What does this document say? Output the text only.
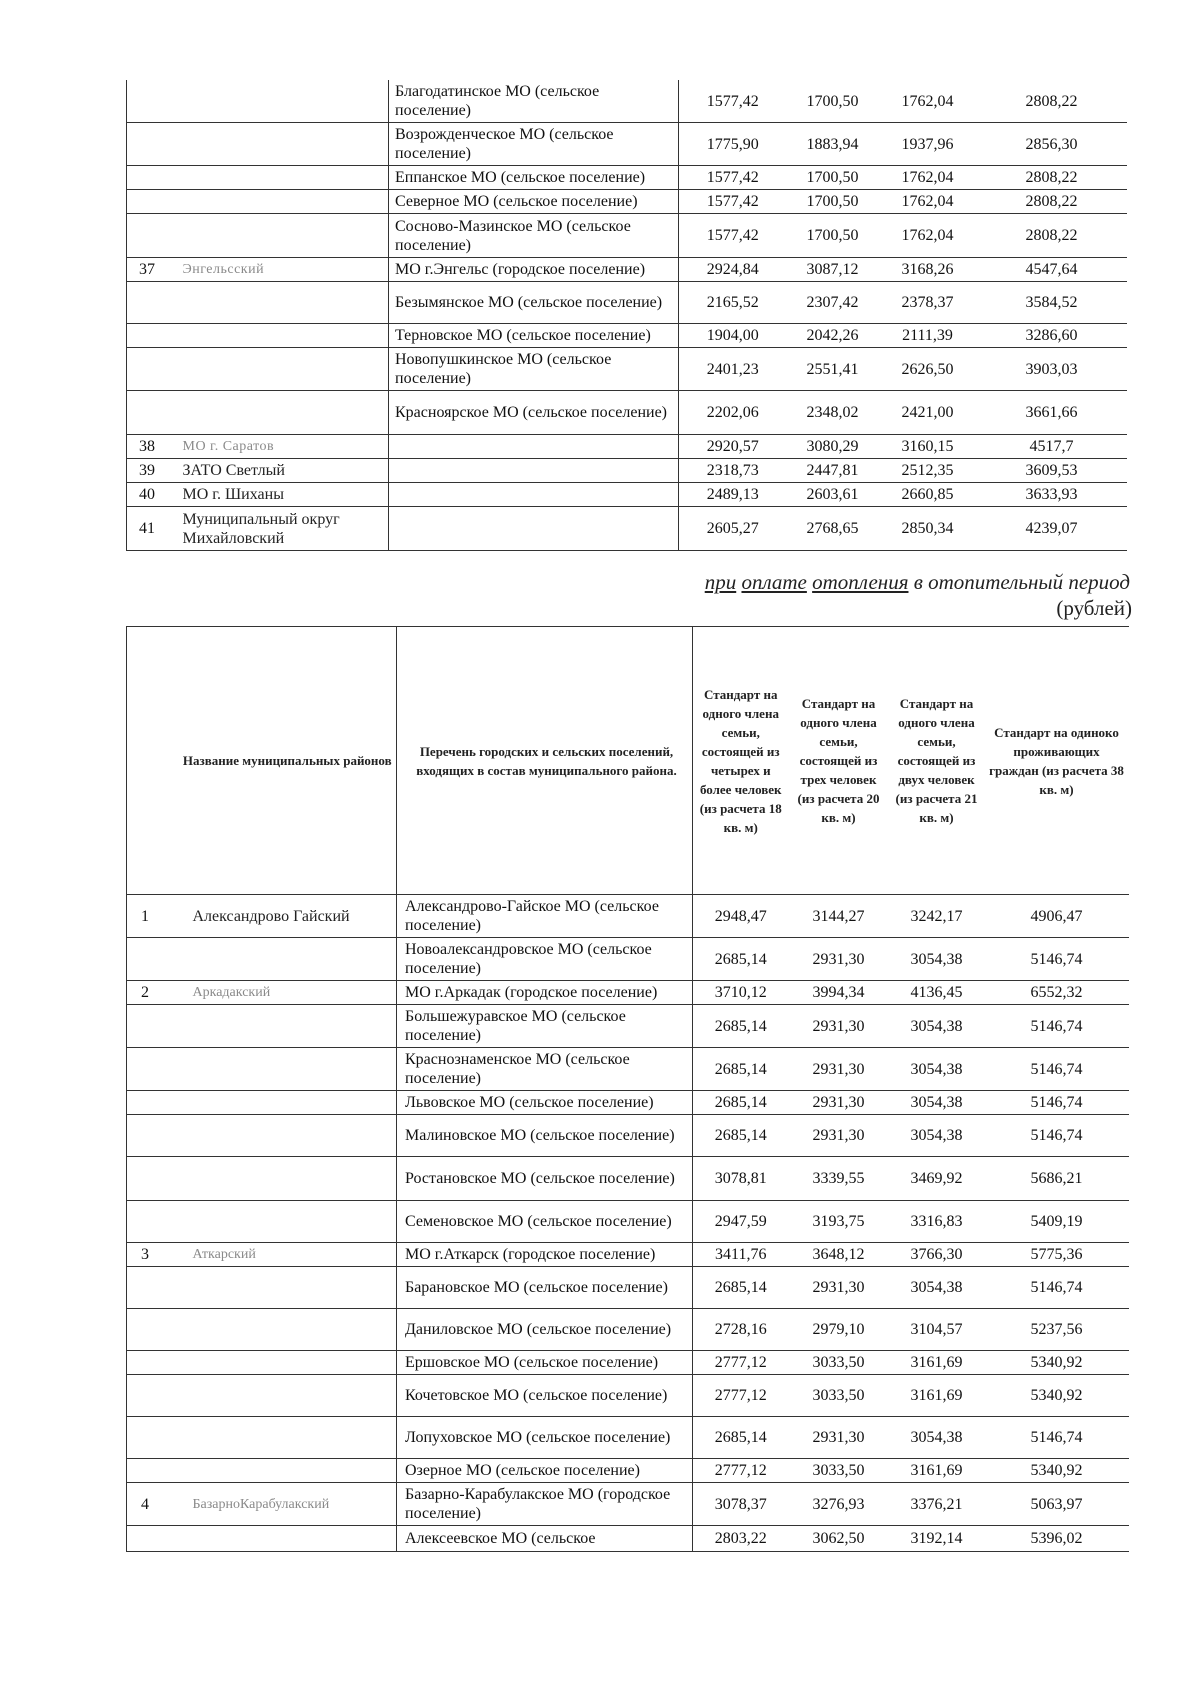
		Благодатинское МО (сельское поселение)	1577,42	1700,50	1762,04	2808,22
		Возрожденческое МО (сельское поселение)	1775,90	1883,94	1937,96	2856,30
		Еппанское МО (сельское поселение)	1577,42	1700,50	1762,04	2808,22
		Северное МО (сельское поселение)	1577,42	1700,50	1762,04	2808,22
		Сосново-Мазинское МО (сельское поселение)	1577,42	1700,50	1762,04	2808,22
37	Энгельсский	МО г.Энгельс (городское поселение)	2924,84	3087,12	3168,26	4547,64
		Безымянское МО (сельское поселение)	2165,52	2307,42	2378,37	3584,52
		Терновское МО (сельское поселение)	1904,00	2042,26	2111,39	3286,60
		Новопушкинское МО (сельское поселение)	2401,23	2551,41	2626,50	3903,03
		Красноярское МО (сельское поселение)	2202,06	2348,02	2421,00	3661,66
38	МО г. Саратов		2920,57	3080,29	3160,15	4517,7
39	ЗАТО Светлый		2318,73	2447,81	2512,35	3609,53
40	МО г. Шиханы		2489,13	2603,61	2660,85	3633,93
41	Муниципальный округ Михайловский		2605,27	2768,65	2850,34	4239,07
при оплате отопления в отопительный период
(рублей)
	Название муниципальных районов	Перечень городских и сельских поселений, входящих в состав муниципального района.	Стандарт на одного члена семьи, состоящей из четырех и более человек (из расчета 18 кв. м)	Стандарт на одного члена семьи, состоящей из трех человек (из расчета 20 кв. м)	Стандарт на одного члена семьи, состоящей из двух человек (из расчета 21 кв. м)	Стандарт на одиноко проживающих граждан (из расчета 38 кв. м)
1	Александрово Гайский	Александрово-Гайское МО (сельское поселение)	2948,47	3144,27	3242,17	4906,47
		Новоалександровское МО (сельское поселение)	2685,14	2931,30	3054,38	5146,74
2	Аркадакский	МО г.Аркадак (городское поселение)	3710,12	3994,34	4136,45	6552,32
		Большежуравское МО (сельское поселение)	2685,14	2931,30	3054,38	5146,74
		Краснознаменское МО (сельское поселение)	2685,14	2931,30	3054,38	5146,74
		Львовское МО (сельское поселение)	2685,14	2931,30	3054,38	5146,74
		Малиновское МО (сельское поселение)	2685,14	2931,30	3054,38	5146,74
		Ростановское МО (сельское поселение)	3078,81	3339,55	3469,92	5686,21
		Семеновское МО (сельское поселение)	2947,59	3193,75	3316,83	5409,19
3	Аткарский	МО г.Аткарск (городское поселение)	3411,76	3648,12	3766,30	5775,36
		Барановское МО (сельское поселение)	2685,14	2931,30	3054,38	5146,74
		Даниловское МО (сельское поселение)	2728,16	2979,10	3104,57	5237,56
		Ершовское МО (сельское поселение)	2777,12	3033,50	3161,69	5340,92
		Кочетовское МО (сельское поселение)	2777,12	3033,50	3161,69	5340,92
		Лопуховское МО (сельское поселение)	2685,14	2931,30	3054,38	5146,74
		Озерное МО (сельское поселение)	2777,12	3033,50	3161,69	5340,92
4	БазарноКарабулакский	Базарно-Карабулакское МО (городское поселение)	3078,37	3276,93	3376,21	5063,97
		Алексеевское МО (сельское	2803,22	3062,50	3192,14	5396,02
